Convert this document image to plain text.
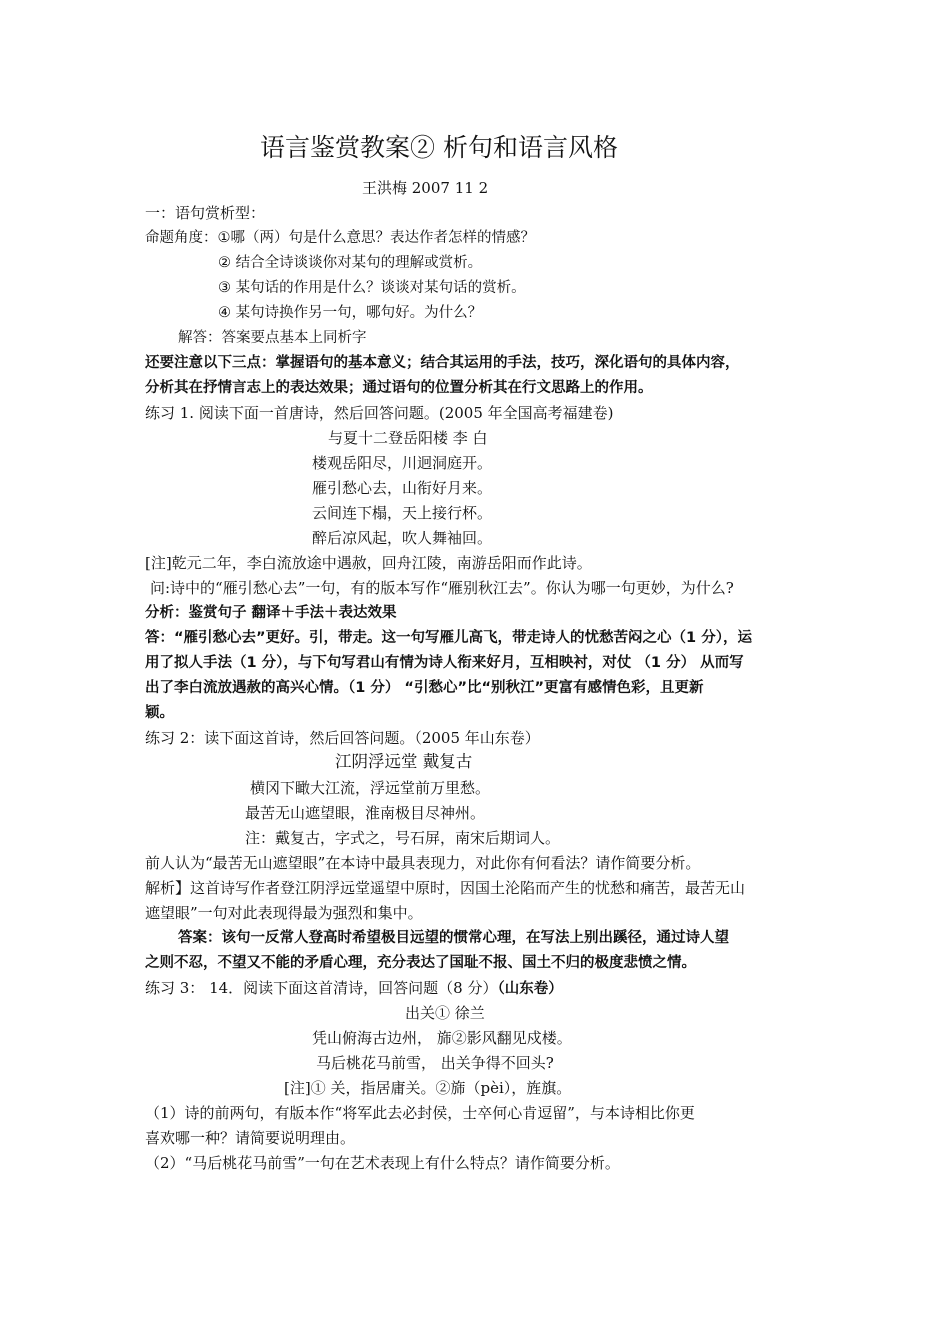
语言鉴赏教案② 析句和语言风格
王洪梅 2007 11 2
一：语句赏析型：
命题角度：①哪（两）句是什么意思？表达作者怎样的情感？
② 结合全诗谈谈你对某句的理解或赏析。
③ 某句话的作用是什么？谈谈对某句话的赏析。
④ 某句诗换作另一句，哪句好。为什么？
解答：答案要点基本上同析字
还要注意以下三点：掌握语句的基本意义；结合其运用的手法，技巧，深化语句的具体内容，
分析其在抒情言志上的表达效果；通过语句的位置分析其在行文思路上的作用。
练习 1. 阅读下面一首唐诗，然后回答问题。(2005 年全国高考福建卷)
与夏十二登岳阳楼 李 白
楼观岳阳尽，川迥洞庭开。
雁引愁心去，山衔好月来。
云间连下榻，天上接行杯。
醉后凉风起，吹人舞袖回。
[注]乾元二年，李白流放途中遇赦，回舟江陵，南游岳阳而作此诗。
问:诗中的“雁引愁心去”一句，有的版本写作“雁别秋江去”。你认为哪一句更妙，为什么?
分析：鉴赏句子 翻译＋手法＋表达效果
答：“雁引愁心去”更好。引，带走。这一句写雁儿高飞，带走诗人的忧愁苦闷之心（1 分），运
用了拟人手法（1 分），与下句写君山有情为诗人衔来好月，互相映衬，对仗 （1 分） 从而写
出了李白流放遇赦的高兴心情。（1 分） “引愁心”比“别秋江”更富有感情色彩，且更新
颖。
练习 2：读下面这首诗，然后回答问题。（2005 年山东卷）
江阴浮远堂 戴复古
横冈下瞰大江流，浮远堂前万里愁。
最苦无山遮望眼，淮南极目尽神州。
注：戴复古，字式之，号石屏，南宋后期词人。
前人认为“最苦无山遮望眼”在本诗中最具表现力，对此你有何看法？请作简要分析。
解析】这首诗写作者登江阴浮远堂遥望中原时，因国土沦陷而产生的忧愁和痛苦，最苦无山
遮望眼”一句对此表现得最为强烈和集中。
答案：该句一反常人登高时希望极目远望的惯常心理，在写法上别出蹊径，通过诗人望
之则不忍，不望又不能的矛盾心理，充分表达了国耻不报、国土不归的极度悲愤之情。
练习 3： 14．阅读下面这首清诗，回答问题（8 分）（山东卷）
出关① 徐兰
凭山俯海古边州， 旆②影风翻见戍楼。
马后桃花马前雪， 出关争得不回头?
[注]① 关，指居庸关。②旆（pèi），旌旗。
（1）诗的前两句，有版本作“将军此去必封侯，士卒何心肯逗留”，与本诗相比你更
喜欢哪一种？请简要说明理由。
（2）“马后桃花马前雪”一句在艺术表现上有什么特点？请作简要分析。
